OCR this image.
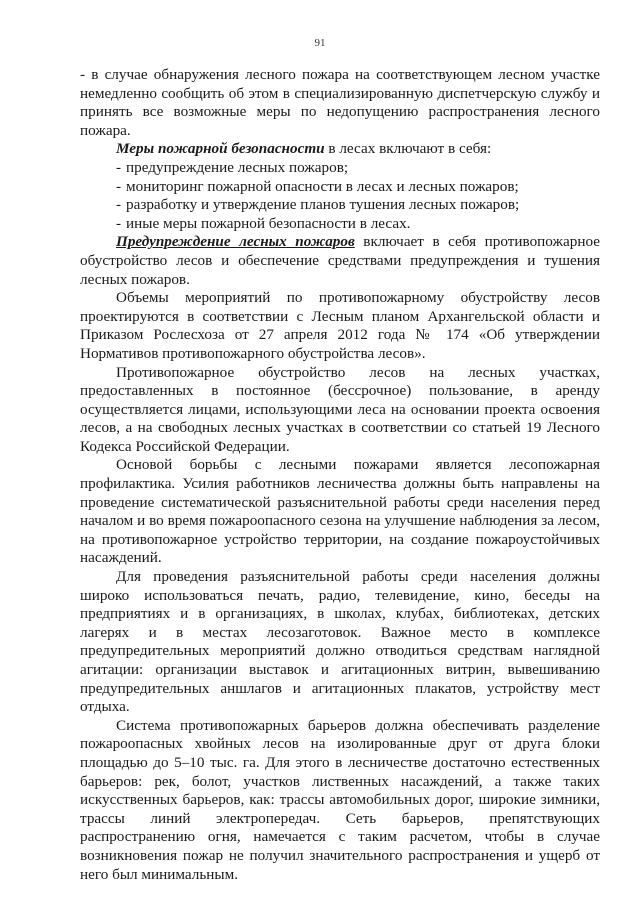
91

- в случае обнаружения лесного пожара на соответствующем лесном участке немедленно сообщить об этом в специализированную диспетчерскую службу и принять все возможные меры по недопущению распространения лесного пожара.

Меры пожарной безопасности в лесах включают в себя:

- предупреждение лесных пожаров;
- мониторинг пожарной опасности в лесах и лесных пожаров;
- разработку и утверждение планов тушения лесных пожаров;
- иные меры пожарной безопасности в лесах.

Предупреждение лесных пожаров включает в себя противопожарное обустройство лесов и обеспечение средствами предупреждения и тушения лесных пожаров.

Объемы мероприятий по противопожарному обустройству лесов проектируются в соответствии с Лесным планом Архангельской области и Приказом Рослесхоза от 27 апреля 2012 года № 174 «Об утверждении Нормативов противопожарного обустройства лесов».

Противопожарное обустройство лесов на лесных участках, предоставленных в постоянное (бессрочное) пользование, в аренду осуществляется лицами, использующими леса на основании проекта освоения лесов, а на свободных лесных участках в соответствии со статьей 19 Лесного Кодекса Российской Федерации.

Основой борьбы с лесными пожарами является лесопожарная профилактика. Усилия работников лесничества должны быть направлены на проведение систематической разъяснительной работы среди населения перед началом и во время пожароопасного сезона на улучшение наблюдения за лесом, на противопожарное устройство территории, на создание пожароустойчивых насаждений.

Для проведения разъяснительной работы среди населения должны широко использоваться печать, радио, телевидение, кино, беседы на предприятиях и в организациях, в школах, клубах, библиотеках, детских лагерях и в местах лесозаготовок. Важное место в комплексе предупредительных мероприятий должно отводиться средствам наглядной агитации: организации выставок и агитационных витрин, вывешиванию предупредительных аншлагов и агитационных плакатов, устройству мест отдыха.

Система противопожарных барьеров должна обеспечивать разделение пожароопасных хвойных лесов на изолированные друг от друга блоки площадью до 5–10 тыс. га. Для этого в лесничестве достаточно естественных барьеров: рек, болот, участков лиственных насаждений, а также таких искусственных барьеров, как: трассы автомобильных дорог, широкие зимники, трассы линий электропередач. Сеть барьеров, препятствующих распространению огня, намечается с таким расчетом, чтобы в случае возникновения пожар не получил значительного распространения и ущерб от него был минимальным.
